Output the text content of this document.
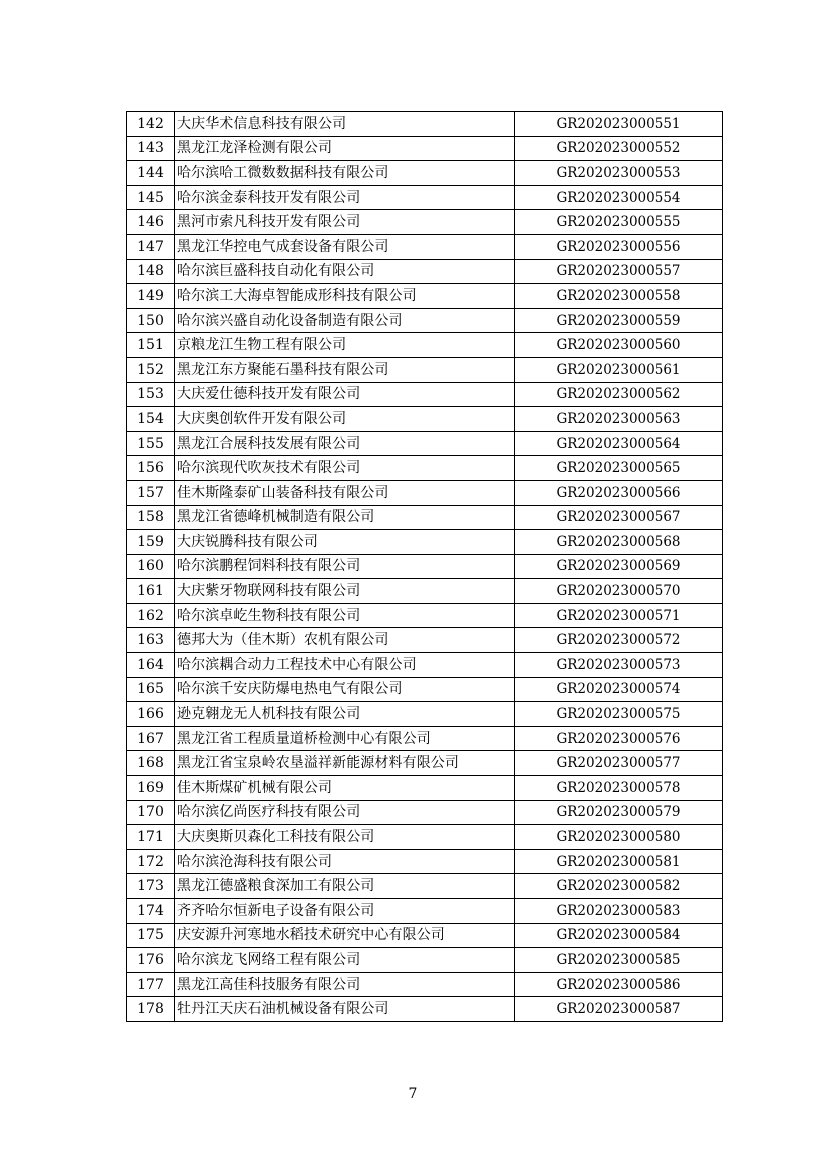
142	大庆华术信息科技有限公司	GR202023000551
143	黑龙江龙泽检测有限公司	GR202023000552
144	哈尔滨哈工微数数据科技有限公司	GR202023000553
145	哈尔滨金泰科技开发有限公司	GR202023000554
146	黑河市索凡科技开发有限公司	GR202023000555
147	黑龙江华控电气成套设备有限公司	GR202023000556
148	哈尔滨巨盛科技自动化有限公司	GR202023000557
149	哈尔滨工大海卓智能成形科技有限公司	GR202023000558
150	哈尔滨兴盛自动化设备制造有限公司	GR202023000559
151	京粮龙江生物工程有限公司	GR202023000560
152	黑龙江东方聚能石墨科技有限公司	GR202023000561
153	大庆爱仕德科技开发有限公司	GR202023000562
154	大庆奥创软件开发有限公司	GR202023000563
155	黑龙江合展科技发展有限公司	GR202023000564
156	哈尔滨现代吹灰技术有限公司	GR202023000565
157	佳木斯隆泰矿山装备科技有限公司	GR202023000566
158	黑龙江省德峰机械制造有限公司	GR202023000567
159	大庆锐腾科技有限公司	GR202023000568
160	哈尔滨鹏程饲料科技有限公司	GR202023000569
161	大庆紫牙物联网科技有限公司	GR202023000570
162	哈尔滨卓屹生物科技有限公司	GR202023000571
163	德邦大为（佳木斯）农机有限公司	GR202023000572
164	哈尔滨耦合动力工程技术中心有限公司	GR202023000573
165	哈尔滨千安庆防爆电热电气有限公司	GR202023000574
166	逊克翱龙无人机科技有限公司	GR202023000575
167	黑龙江省工程质量道桥检测中心有限公司	GR202023000576
168	黑龙江省宝泉岭农垦溢祥新能源材料有限公司	GR202023000577
169	佳木斯煤矿机械有限公司	GR202023000578
170	哈尔滨亿尚医疗科技有限公司	GR202023000579
171	大庆奥斯贝森化工科技有限公司	GR202023000580
172	哈尔滨沧海科技有限公司	GR202023000581
173	黑龙江德盛粮食深加工有限公司	GR202023000582
174	齐齐哈尔恒新电子设备有限公司	GR202023000583
175	庆安源升河寒地水稻技术研究中心有限公司	GR202023000584
176	哈尔滨龙飞网络工程有限公司	GR202023000585
177	黑龙江高佳科技服务有限公司	GR202023000586
178	牡丹江天庆石油机械设备有限公司	GR202023000587
7
